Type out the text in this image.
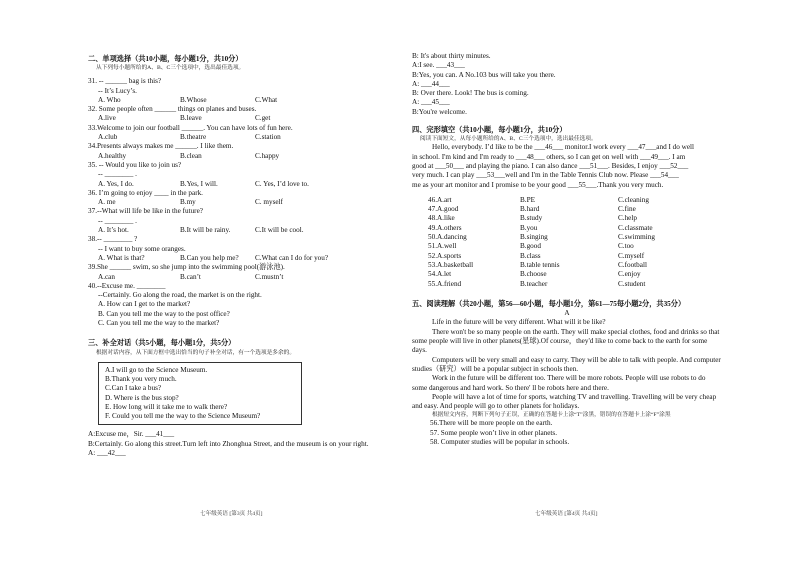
二、单项选择（共10小题，每小题1分，共10分）
从下列每小题所给的A、B、C三个选项中，选出最佳选项。
31. -- ______ bag is this?
-- It’s Lucy’s.
A. Who	B.Whose	C.What
32. Some people often ______ things on planes and buses.
A.live	B.leave	C.get
33.Welcome to join our football ______. You can have lots of fun here.
A.club	B.theatre	C.station
34.Presents always makes me ______. I like them.
A.healthy	B.clean	C.happy
35. -- Would you like to join us?
-- ________ .
A. Yes, I do.	B.Yes, I will.	C. Yes, I’d love to.
36. I’m going to enjoy ____ in the park.
A. me	B.my	C. myself
37.--What will life be like in the future?
-- ________ .
A. It’s hot.	B.It will be rainy.	C.It will be cool.
38.-- ________ ?
-- I want to buy some oranges.
A. What is that?	B.Can you help me?	C.What can I do for you?
39.She ______ swim, so she jump into the swimming pool(游泳池).
A.can	B.can’t	C.mustn’t
40.--Excuse me. ________
--Certainly. Go along the road, the market is on the right.
A. How can I get to the market?
B. Can you tell me the way to the post office?
C. Can you tell me the way to the market?
三、补全对话（共5小题，每小题1分，共5分）
根据对话内容，从下面方框中选出恰当的句子补全对话，有一个选项是多余的。
A.I will go to the Science Museum.
B.Thank you very much.
C.Can I take a bus?
D. Where is the bus stop?
E. How long will it take me to walk there?
F. Could you tell me the way to the Science Museum?
A:Excuse me，Sir. ___41___
B:Certainly. Go along this street.Turn left into Zhonghua Street, and the museum is on your right.
A: ___42___
七年级英语 [第3页 共4页]
B: It's about thirty minutes.
A:I see. ___43___
B:Yes, you can. A No.103 bus will take you there.
A: ___44___
B: Over there. Look! The bus is coming.
A: ___45___
B:You're welcome.
四、完形填空（共10小题，每小题1分，共10分）
阅读下面短文，从每小题所给的A、B、C三个选项中，选出最佳选项。
Hello, everybody. I’d like to be the ___46___ monitor.I work every ___47___and I do well
in school. I'm kind and I'm ready to ___48___ others, so I can get on well with ___49___. I am
good at ___50___ and playing the piano. I can also dance ___51___. Besides, I enjoy ___52___
very much. I can play ___53___well and I'm in the Table Tennis Club now. Please ___54___
me as your art monitor and I promise to be your good ___55___.Thank you very much.
46.A.art	B.PE	C.cleaning
47.A.good	B.hard	C.fine
48.A.like	B.study	C.help
49.A.others	B.you	C.classmate
50.A.dancing	B.singing	C.swimming
51.A.well	B.good	C.too
52.A.sports	B.class	C.myself
53.A.basketball	B.table tennis	C.football
54.A.let	B.choose	C.enjoy
55.A.friend	B.teacher	C.student
五、阅读理解（共20小题，第56—60小题，每小题1分，第61—75每小题2分，共35分）
A
Life in the future will be very different. What will it be like?
There won't be so many people on the earth. They will make special clothes, food and drinks so that some people will live in other planets(星球).Of course，they'd like to come back to the earth for some days.
Computers will be very small and easy to carry. They will be able to talk with people. And computer studies（研究）will be a popular subject in schools then.
Work in the future will be different too. There will be more robots. People will use robots to do some dangerous and hard work. So there' ll be robots here and there.
People will have a lot of time for sports, watching TV and travelling. Travelling will be very cheap and easy. And people will go to other planets for holidays.
根据短文内容，判断下列句子正误，正确的在答题卡上涂“T”涂黑，错误的在答题卡上涂“F”涂黑
56.There will be more people on the earth.
57. Some people won’t live in other planets.
58. Computer studies will be popular in schools.
七年级英语 [第4页 共4页]
